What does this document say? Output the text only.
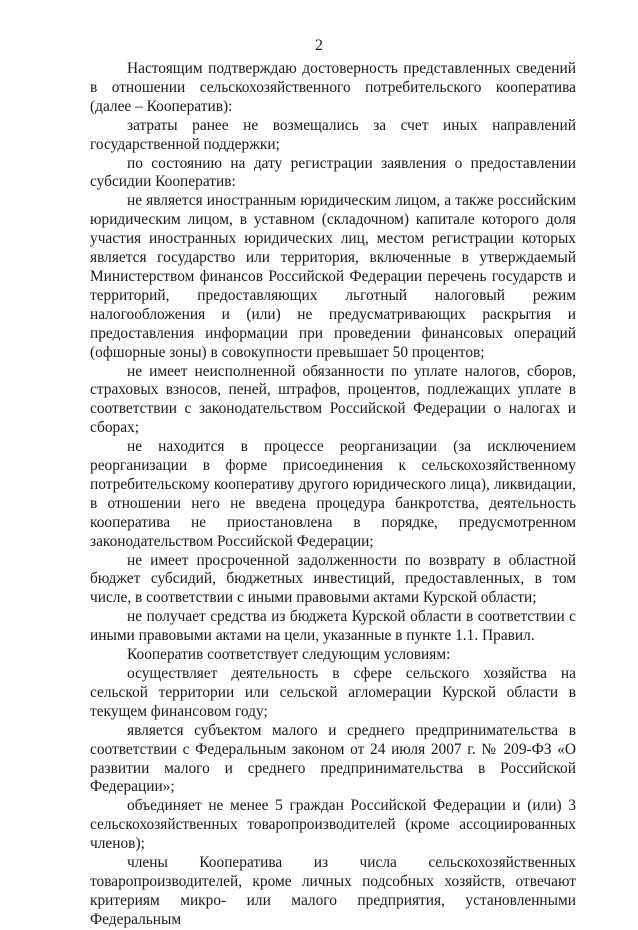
2

Настоящим подтверждаю достоверность представленных сведений в отношении сельскохозяйственного потребительского кооператива (далее – Кооператив):

затраты ранее не возмещались за счет иных направлений государственной поддержки;

по состоянию на дату регистрации заявления о предоставлении субсидии Кооператив:

не является иностранным юридическим лицом, а также российским юридическим лицом, в уставном (складочном) капитале которого доля участия иностранных юридических лиц, местом регистрации которых является государство или территория, включенные в утверждаемый Министерством финансов Российской Федерации перечень государств и территорий, предоставляющих льготный налоговый режим налогообложения и (или) не предусматривающих раскрытия и предоставления информации при проведении финансовых операций (офшорные зоны) в совокупности превышает 50 процентов;

не имеет неисполненной обязанности по уплате налогов, сборов, страховых взносов, пеней, штрафов, процентов, подлежащих уплате в соответствии с законодательством Российской Федерации о налогах и сборах;

не находится в процессе реорганизации (за исключением реорганизации в форме присоединения к сельскохозяйственному потребительскому кооперативу другого юридического лица), ликвидации, в отношении него не введена процедура банкротства, деятельность кооператива не приостановлена в порядке, предусмотренном законодательством Российской Федерации;

не имеет просроченной задолженности по возврату в областной бюджет субсидий, бюджетных инвестиций, предоставленных, в том числе, в соответствии с иными правовыми актами Курской области;

не получает средства из бюджета Курской области в соответствии с иными правовыми актами на цели, указанные в пункте 1.1. Правил.

Кооператив соответствует следующим условиям:

осуществляет деятельность в сфере сельского хозяйства на сельской территории или сельской агломерации Курской области в текущем финансовом году;

является субъектом малого и среднего предпринимательства в соответствии с Федеральным законом от 24 июля 2007 г. № 209-ФЗ «О развитии малого и среднего предпринимательства в Российской Федерации»;

объединяет не менее 5 граждан Российской Федерации и (или) 3 сельскохозяйственных товаропроизводителей (кроме ассоциированных членов);

члены Кооператива из числа сельскохозяйственных товаропроизводителей, кроме личных подсобных хозяйств, отвечают критериям микро- или малого предприятия, установленными Федеральным
